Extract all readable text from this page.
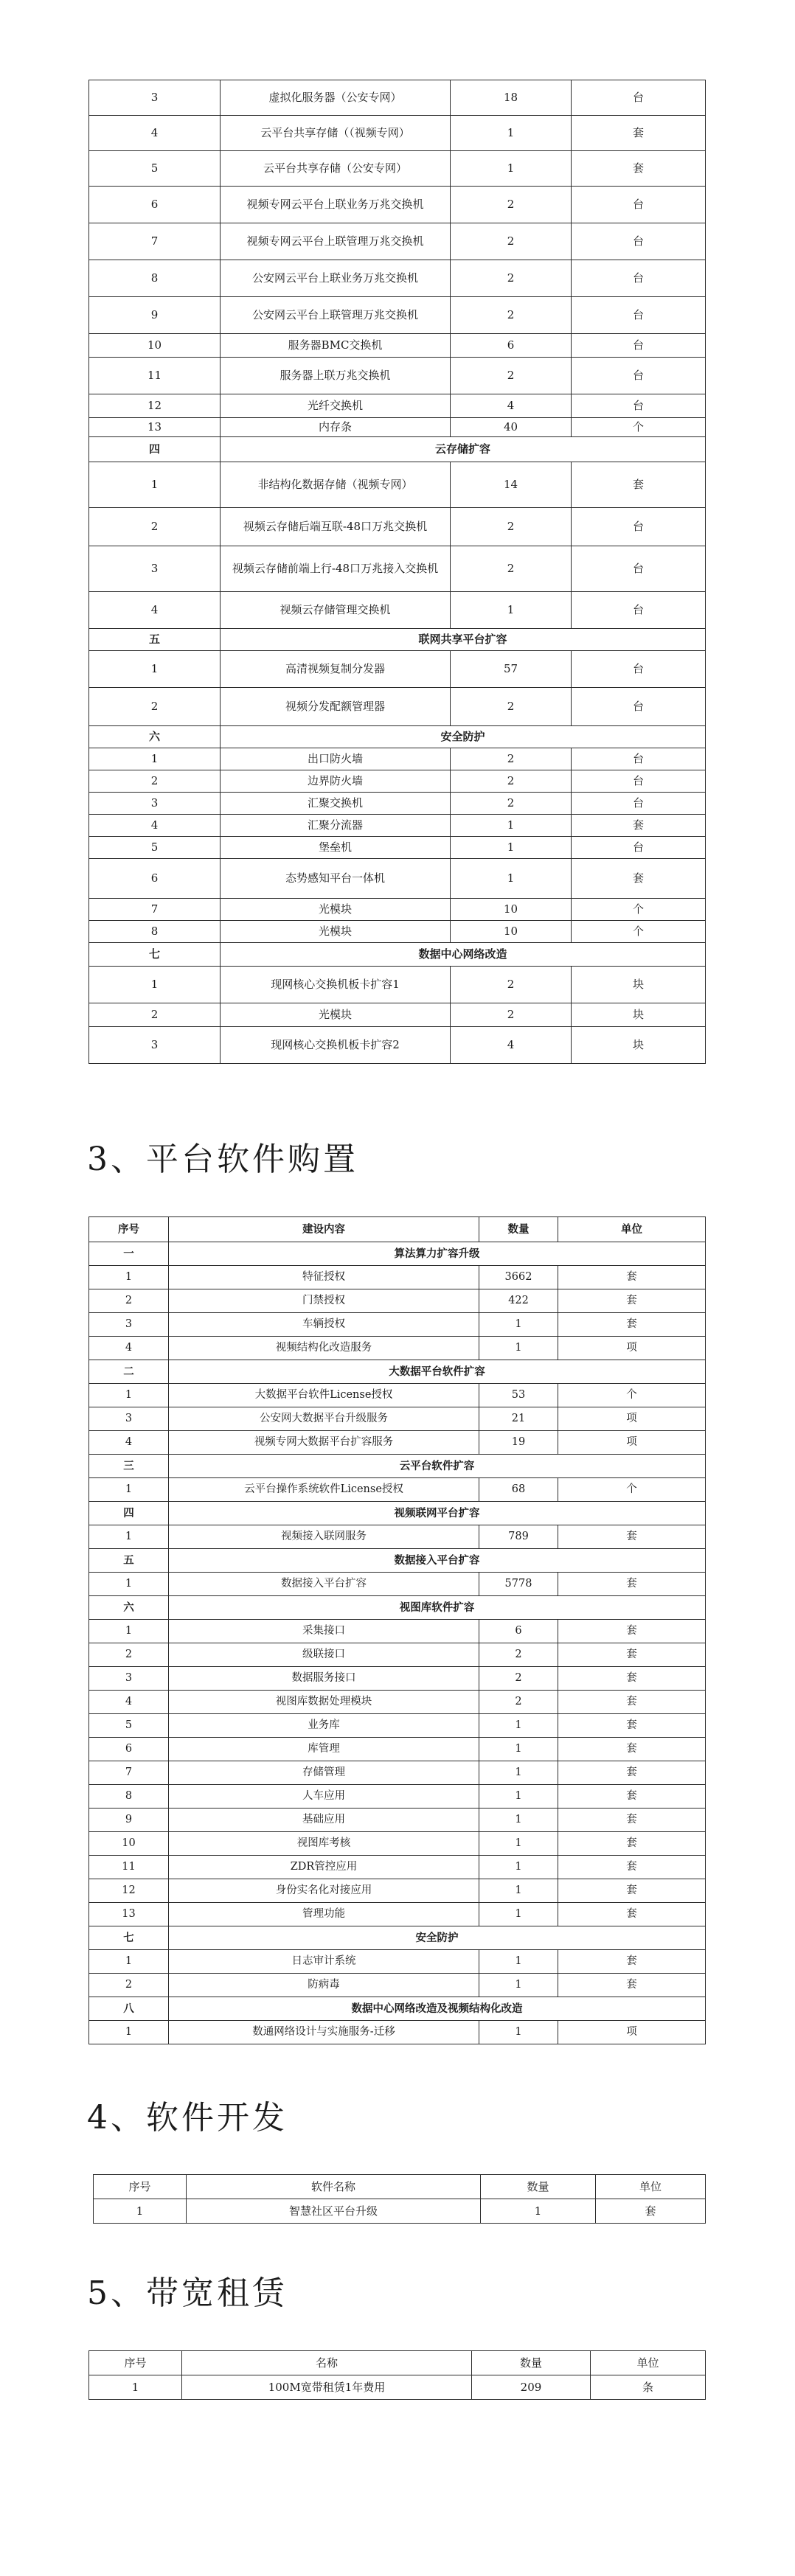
3	虚拟化服务器（公安专网）	18	台
4	云平台共享存储（（视频专网）	1	套
5	云平台共享存储（公安专网）	1	套
6	视频专网云平台上联业务万兆交换机	2	台
7	视频专网云平台上联管理万兆交换机	2	台
8	公安网云平台上联业务万兆交换机	2	台
9	公安网云平台上联管理万兆交换机	2	台
10	服务器BMC交换机	6	台
11	服务器上联万兆交换机	2	台
12	光纤交换机	4	台
13	内存条	40	个
四	云存储扩容		
1	非结构化数据存储（视频专网）	14	套
2	视频云存储后端互联-48口万兆交换机	2	台
3	视频云存储前端上行-48口万兆接入交换机	2	台
4	视频云存储管理交换机	1	台
五	联网共享平台扩容		
1	高清视频复制分发器	57	台
2	视频分发配额管理器	2	台
六	安全防护		
1	出口防火墙	2	台
2	边界防火墙	2	台
3	汇聚交换机	2	台
4	汇聚分流器	1	套
5	堡垒机	1	台
6	态势感知平台一体机	1	套
7	光模块	10	个
8	光模块	10	个
七	数据中心网络改造		
1	现网核心交换机板卡扩容1	2	块
2	光模块	2	块
3	现网核心交换机板卡扩容2	4	块
3、平台软件购置
序号	建设内容	数量	单位
一	算法算力扩容升级		
1	特征授权	3662	套
2	门禁授权	422	套
3	车辆授权	1	套
4	视频结构化改造服务	1	项
二	大数据平台软件扩容		
1	大数据平台软件License授权	53	个
3	公安网大数据平台升级服务	21	项
4	视频专网大数据平台扩容服务	19	项
三	云平台软件扩容		
1	云平台操作系统软件License授权	68	个
四	视频联网平台扩容		
1	视频接入联网服务	789	套
五	数据接入平台扩容		
1	数据接入平台扩容	5778	套
六	视图库软件扩容		
1	采集接口	6	套
2	级联接口	2	套
3	数据服务接口	2	套
4	视图库数据处理模块	2	套
5	业务库	1	套
6	库管理	1	套
7	存储管理	1	套
8	人车应用	1	套
9	基础应用	1	套
10	视图库考核	1	套
11	ZDR管控应用	1	套
12	身份实名化对接应用	1	套
13	管理功能	1	套
七	安全防护		
1	日志审计系统	1	套
2	防病毒	1	套
八	数据中心网络改造及视频结构化改造		
1	数通网络设计与实施服务-迁移	1	项
4、软件开发
序号	软件名称	数量	单位
1	智慧社区平台升级	1	套
5、带宽租赁
序号	名称	数量	单位
1	100M宽带租赁1年费用	209	条
